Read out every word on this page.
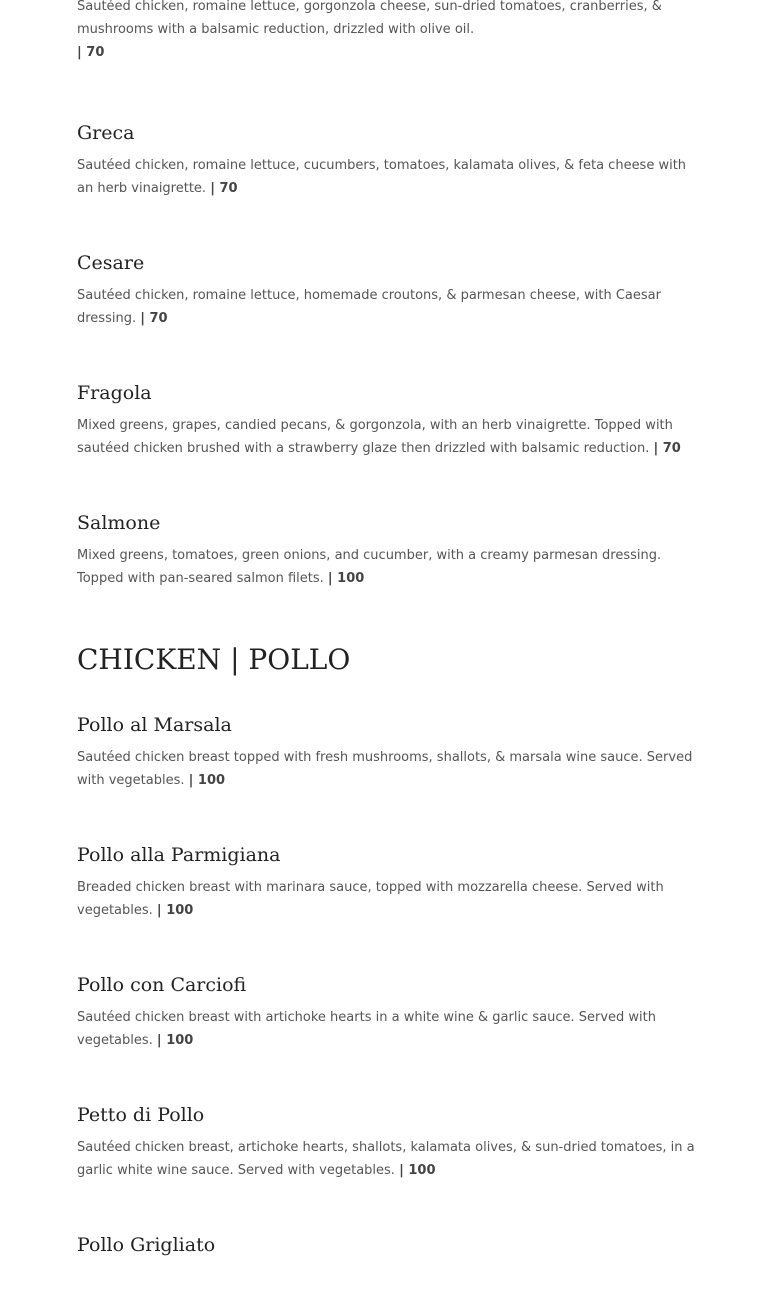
Sautéed chicken, romaine lettuce, gorgonzola cheese, sun-dried tomatoes, cranberries, & mushrooms with a balsamic reduction, drizzled with olive oil.
| 70

Greca

Sautéed chicken, romaine lettuce, cucumbers, tomatoes, kalamata olives, & feta cheese with an herb vinaigrette. | 70

Cesare

Sautéed chicken, romaine lettuce, homemade croutons, & parmesan cheese, with Caesar dressing. | 70

Fragola

Mixed greens, grapes, candied pecans, & gorgonzola, with an herb vinaigrette. Topped with sautéed chicken brushed with a strawberry glaze then drizzled with balsamic reduction. | 70

Salmone

Mixed greens, tomatoes, green onions, and cucumber, with a creamy parmesan dressing. Topped with pan-seared salmon filets. | 100

CHICKEN | POLLO
Pollo al Marsala

Sautéed chicken breast topped with fresh mushrooms, shallots, & marsala wine sauce. Served with vegetables. | 100

Pollo alla Parmigiana

Breaded chicken breast with marinara sauce, topped with mozzarella cheese. Served with vegetables. | 100

Pollo con Carciofi

Sautéed chicken breast with artichoke hearts in a white wine & garlic sauce. Served with vegetables. | 100

Petto di Pollo

Sautéed chicken breast, artichoke hearts, shallots, kalamata olives, & sun-dried tomatoes, in a garlic white wine sauce. Served with vegetables. | 100

Pollo Grigliato
